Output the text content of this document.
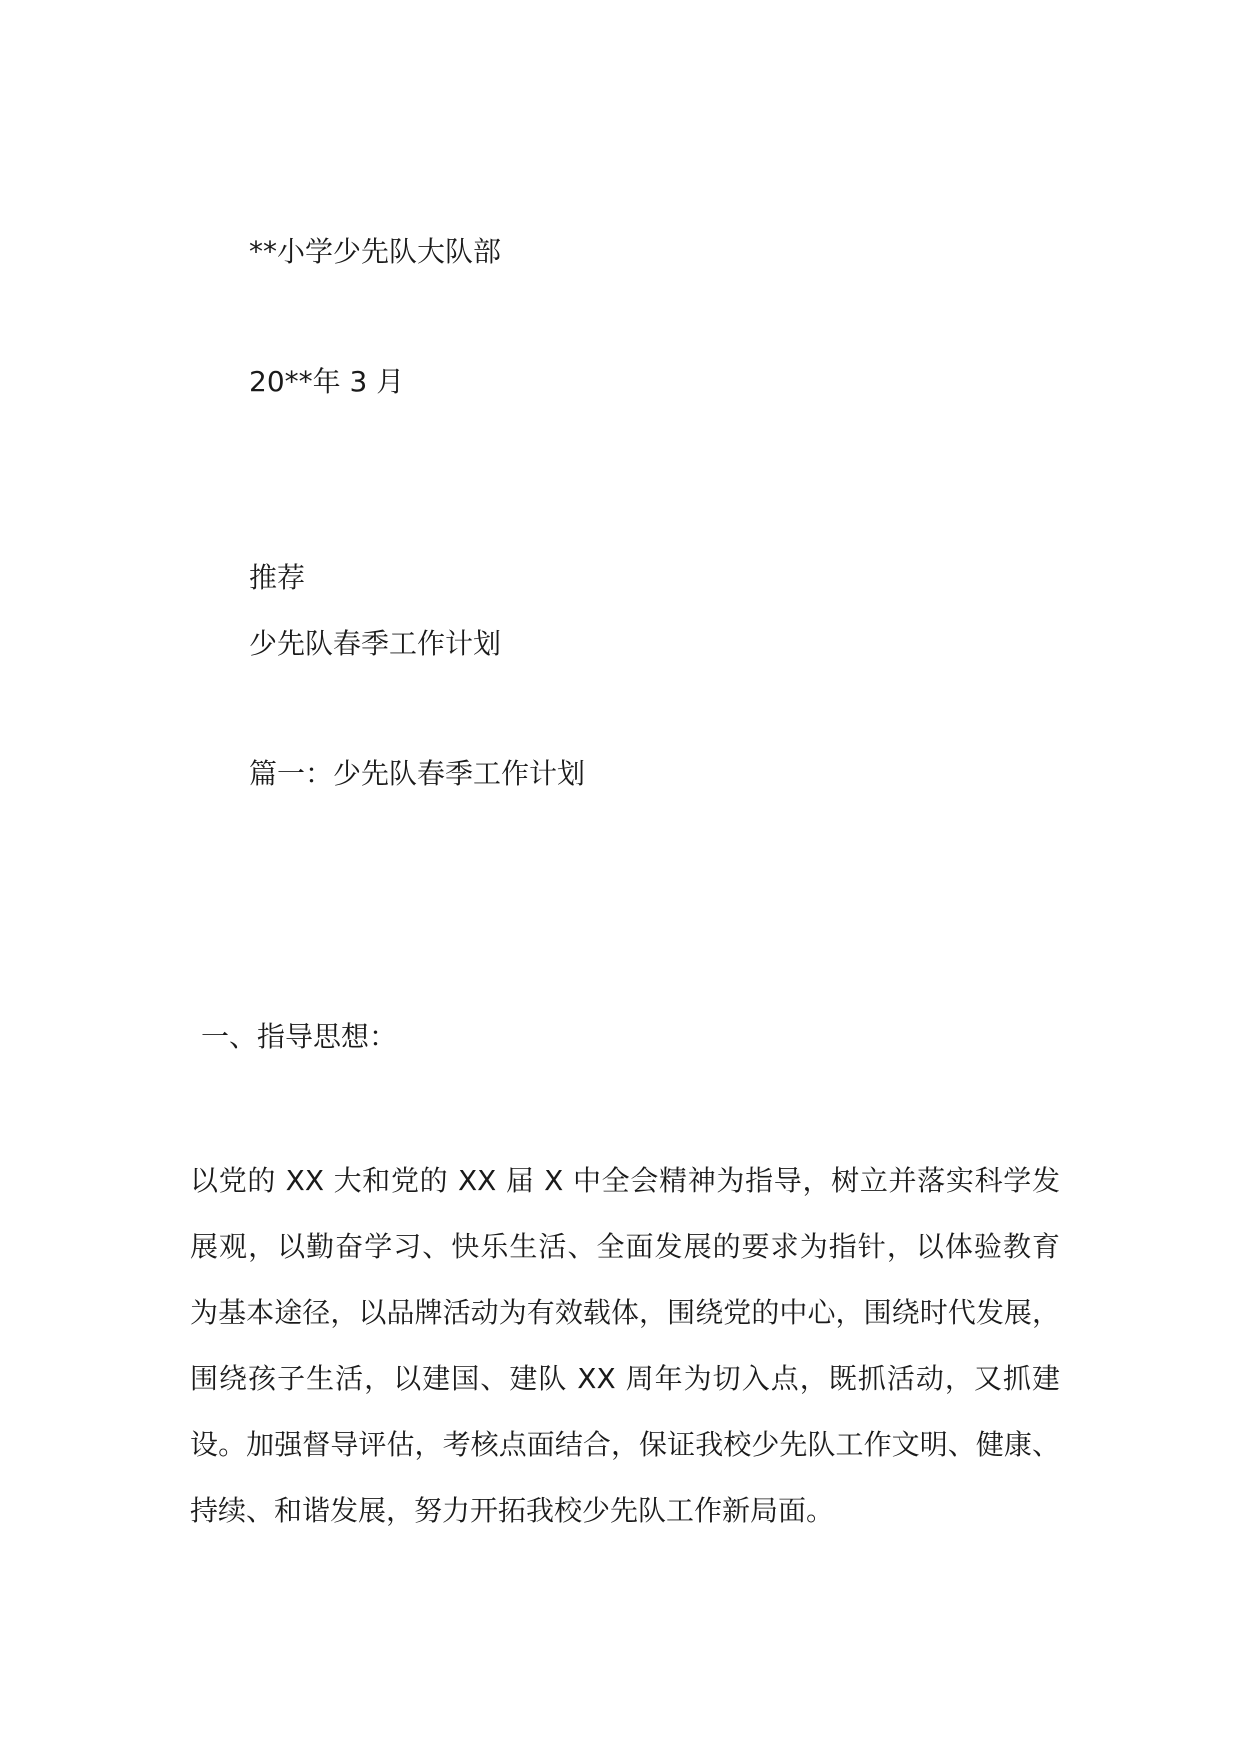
**小学少先队大队部
20**年 3 月
推荐
少先队春季工作计划
篇一：少先队春季工作计划
一、指导思想：
以党的 XX 大和党的 XX 届 X 中全会精神为指导，树立并落实科学发
展观，以勤奋学习、快乐生活、全面发展的要求为指针，以体验教育
为基本途径，以品牌活动为有效载体，围绕党的中心，围绕时代发展，
围绕孩子生活，以建国、建队 XX 周年为切入点，既抓活动，又抓建
设。加强督导评估，考核点面结合，保证我校少先队工作文明、健康、
持续、和谐发展，努力开拓我校少先队工作新局面。
